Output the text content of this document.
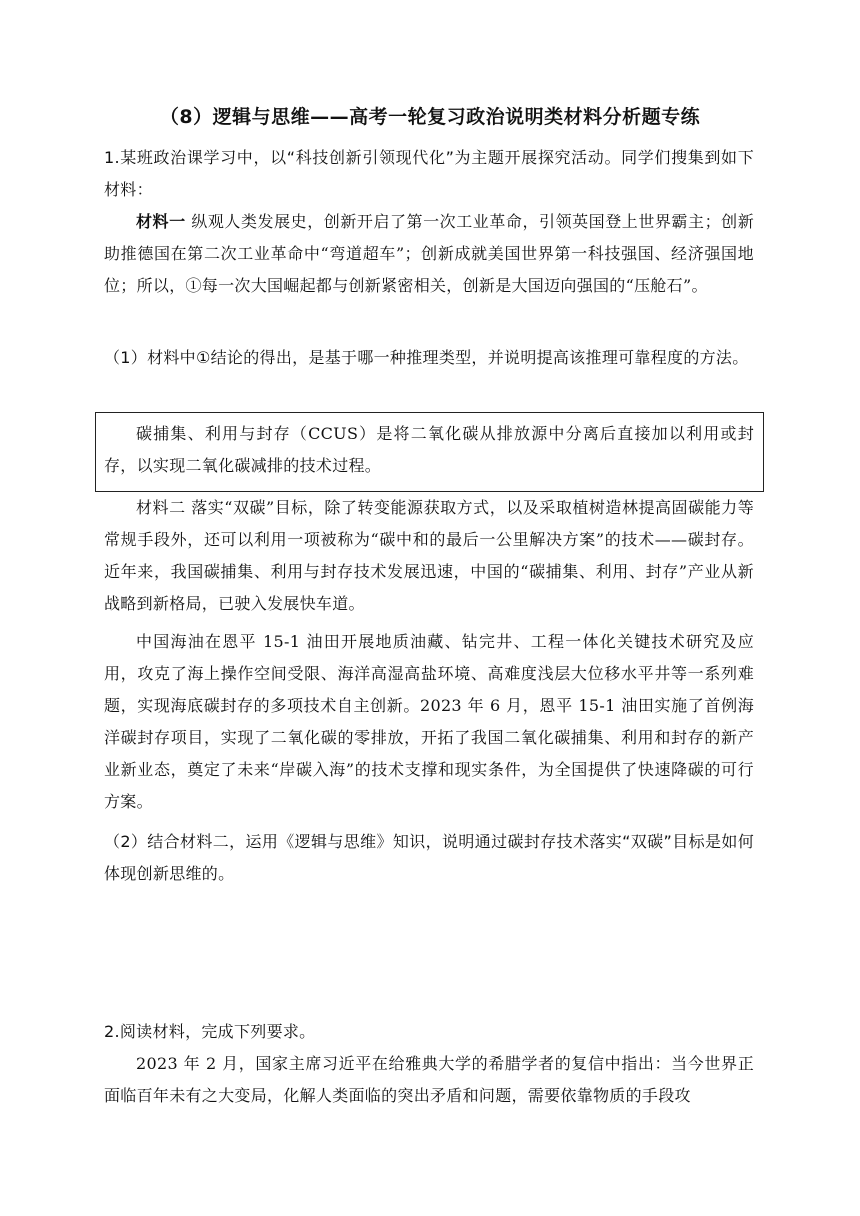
（8）逻辑与思维——高考一轮复习政治说明类材料分析题专练
1.某班政治课学习中，以“科技创新引领现代化”为主题开展探究活动。同学们搜集到如下材料：
材料一 纵观人类发展史，创新开启了第一次工业革命，引领英国登上世界霸主；创新助推德国在第二次工业革命中“弯道超车”；创新成就美国世界第一科技强国、经济强国地位；所以，①每一次大国崛起都与创新紧密相关，创新是大国迈向强国的“压舱石”。
（1）材料中①结论的得出，是基于哪一种推理类型，并说明提高该推理可靠程度的方法。
碳捕集、利用与封存（CCUS）是将二氧化碳从排放源中分离后直接加以利用或封存，以实现二氧化碳减排的技术过程。
材料二 落实“双碳”目标，除了转变能源获取方式，以及采取植树造林提高固碳能力等常规手段外，还可以利用一项被称为“碳中和的最后一公里解决方案”的技术——碳封存。近年来，我国碳捕集、利用与封存技术发展迅速，中国的“碳捕集、利用、封存”产业从新战略到新格局，已驶入发展快车道。
中国海油在恩平 15-1 油田开展地质油藏、钻完井、工程一体化关键技术研究及应用，攻克了海上操作空间受限、海洋高湿高盐环境、高难度浅层大位移水平井等一系列难题，实现海底碳封存的多项技术自主创新。2023 年 6 月，恩平 15-1 油田实施了首例海洋碳封存项目，实现了二氧化碳的零排放，开拓了我国二氧化碳捕集、利用和封存的新产业新业态，奠定了未来“岸碳入海”的技术支撑和现实条件，为全国提供了快速降碳的可行方案。
（2）结合材料二，运用《逻辑与思维》知识，说明通过碳封存技术落实“双碳”目标是如何体现创新思维的。
2.阅读材料，完成下列要求。
2023 年 2 月，国家主席习近平在给雅典大学的希腊学者的复信中指出：当今世界正面临百年未有之大变局，化解人类面临的突出矛盾和问题，需要依靠物质的手段攻
